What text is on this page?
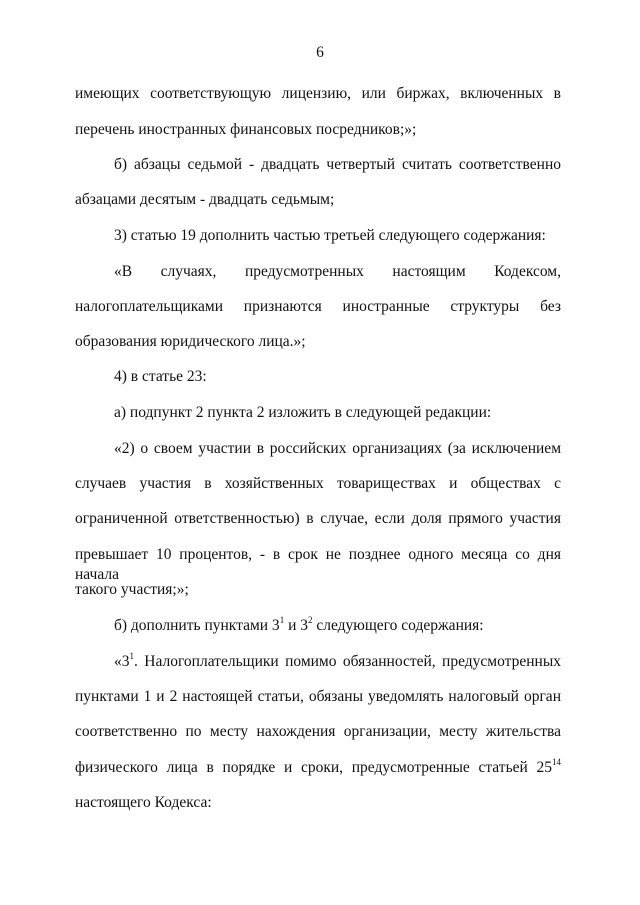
6
имеющих соответствующую лицензию, или биржах, включенных в
перечень иностранных финансовых посредников;»;
б) абзацы седьмой - двадцать четвертый считать соответственно
абзацами десятым - двадцать седьмым;
3) статью 19 дополнить частью третьей следующего содержания:
«В случаях, предусмотренных настоящим Кодексом,
налогоплательщиками признаются иностранные структуры без
образования юридического лица.»;
4) в статье 23:
а) подпункт 2 пункта 2 изложить в следующей редакции:
«2) о своем участии в российских организациях (за исключением
случаев участия в хозяйственных товариществах и обществах с
ограниченной ответственностью) в случае, если доля прямого участия
превышает 10 процентов, - в срок не позднее одного месяца со дня начала
такого участия;»;
б) дополнить пунктами $3^1$ и $3^2$ следующего содержания:
«$3^1$. Налогоплательщики помимо обязанностей, предусмотренных
пунктами 1 и 2 настоящей статьи, обязаны уведомлять налоговый орган
соответственно по месту нахождения организации, месту жительства
физического лица в порядке и сроки, предусмотренные статьей $25^{14}$
настоящего Кодекса:
